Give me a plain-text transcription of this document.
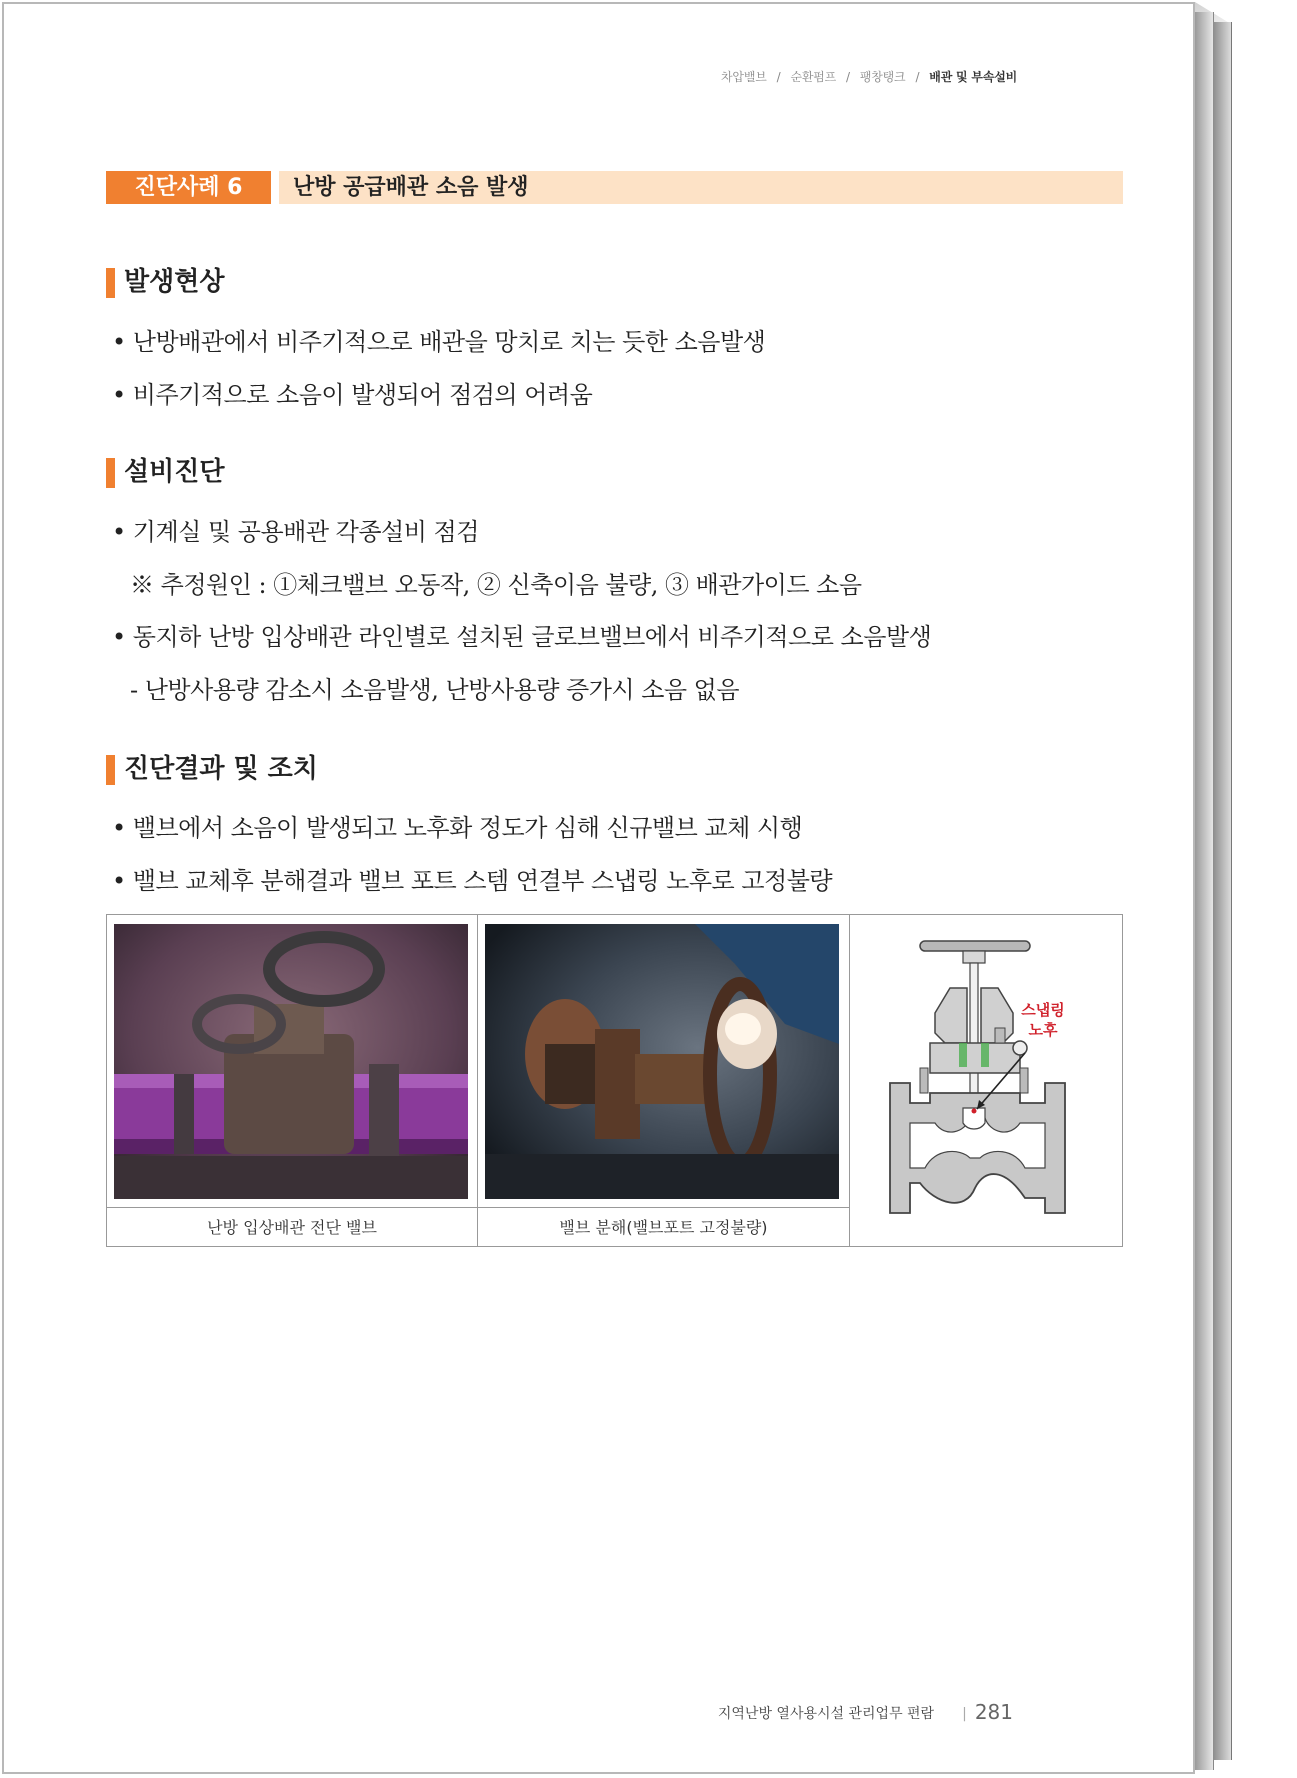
차압밸브 / 순환펌프 / 팽창탱크 / 배관 및 부속설비
진단사례 6	난방 공급배관 소음 발생
발생현상
• 난방배관에서 비주기적으로 배관을 망치로 치는 듯한 소음발생
• 비주기적으로 소음이 발생되어 점검의 어려움
설비진단
• 기계실 및 공용배관 각종설비 점검
※ 추정원인 : ①체크밸브 오동작, ② 신축이음 불량, ③ 배관가이드 소음
• 동지하 난방 입상배관 라인별로 설치된 글로브밸브에서 비주기적으로 소음발생
- 난방사용량 감소시 소음발생, 난방사용량 증가시 소음 없음
진단결과 및 조치
• 밸브에서 소음이 발생되고 노후화 정도가 심해 신규밸브 교체 시행
• 밸브 교체후 분해결과 밸브 포트 스템 연결부 스냅링 노후로 고정불량
난방 입상배관 전단 밸브	밸브 분해(밸브포트 고정불량)
스냅링
노후
지역난방 열사용시설 관리업무 편람 | 281
